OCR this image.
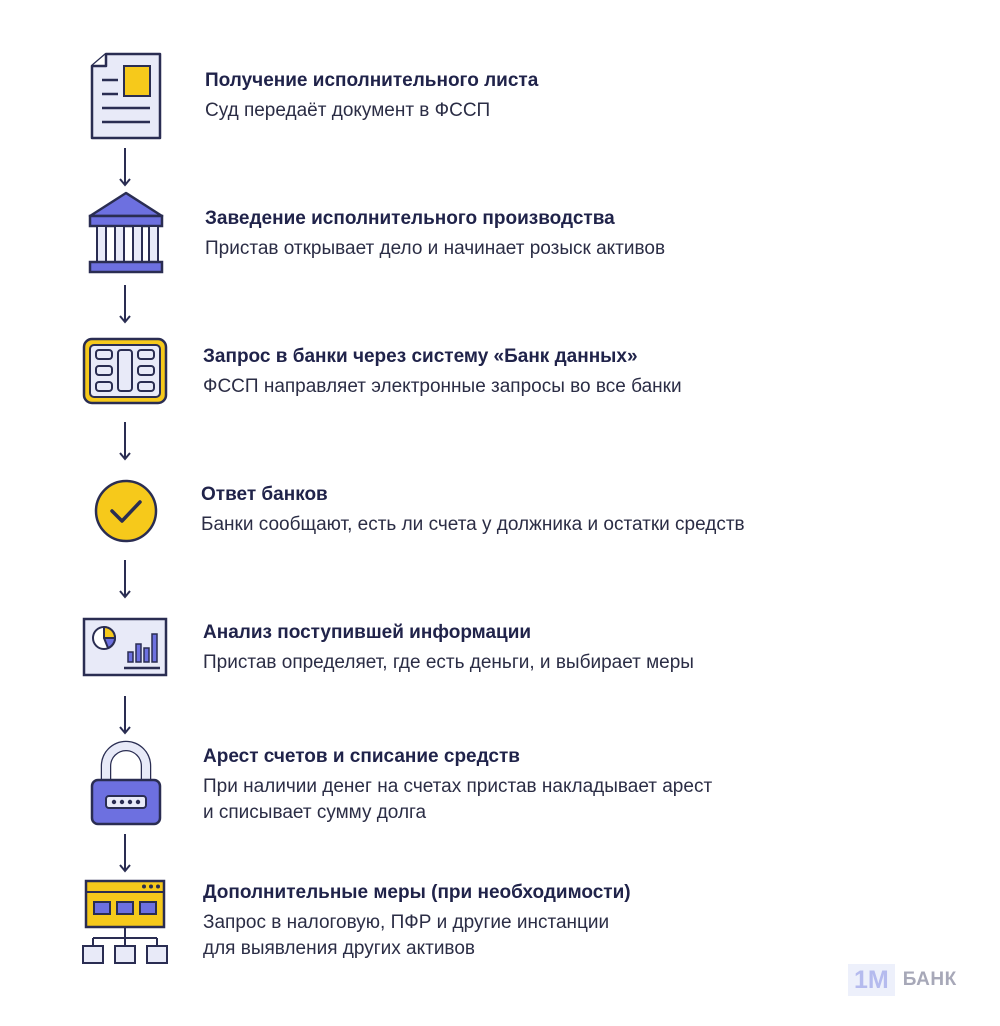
Получение исполнительного листа
Суд передаёт документ в ФССП
Заведение исполнительного производства
Пристав открывает дело и начинает розыск активов
Запрос в банки через систему «Банк данных»
ФССП направляет электронные запросы во все банки
Ответ банков
Банки сообщают, есть ли счета у должника и остатки средств
Анализ поступившей информации
Пристав определяет, где есть деньги, и выбирает меры
Арест счетов и списание средств
При наличии денег на счетах пристав накладывает арест
и списывает сумму долга
Дополнительные меры (при необходимости)
Запрос в налоговую, ПФР и другие инстанции
для выявления других активов
1М БАНК
